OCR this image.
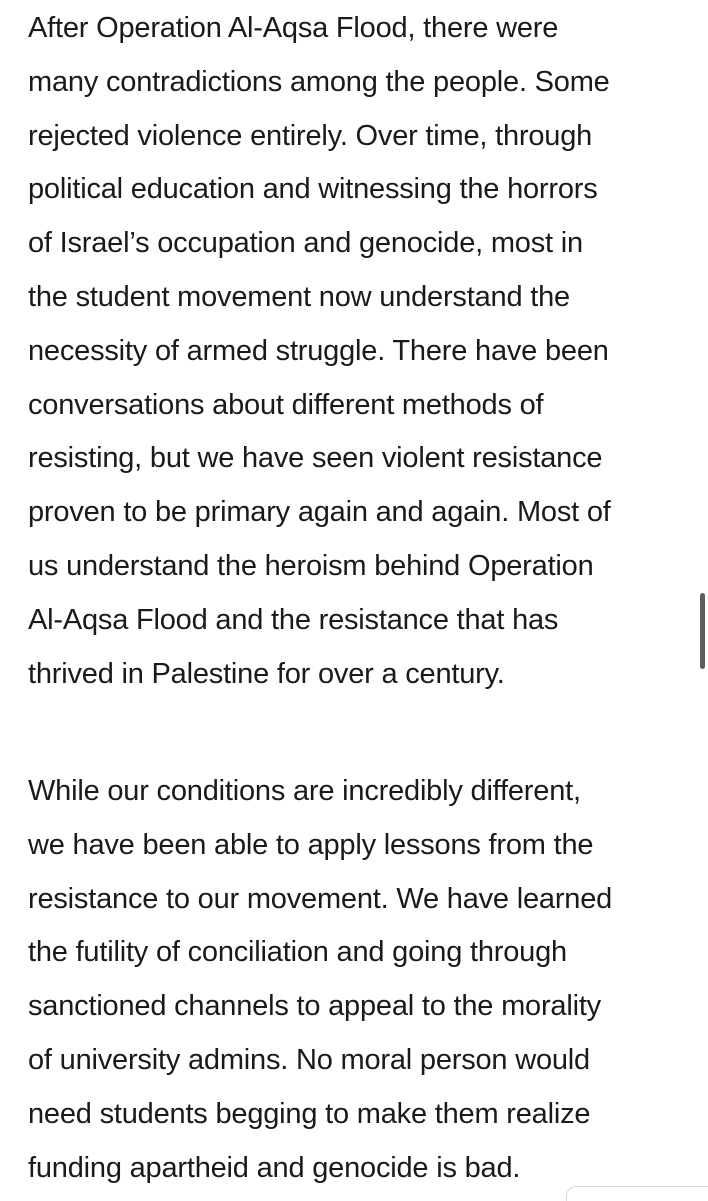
After Operation Al-Aqsa Flood, there were
many contradictions among the people. Some
rejected violence entirely. Over time, through
political education and witnessing the horrors
of Israel’s occupation and genocide, most in
the student movement now understand the
necessity of armed struggle. There have been
conversations about different methods of
resisting, but we have seen violent resistance
proven to be primary again and again. Most of
us understand the heroism behind Operation
Al-Aqsa Flood and the resistance that has
thrived in Palestine for over a century.
While our conditions are incredibly different,
we have been able to apply lessons from the
resistance to our movement. We have learned
the futility of conciliation and going through
sanctioned channels to appeal to the morality
of university admins. No moral person would
need students begging to make them realize
funding apartheid and genocide is bad.
